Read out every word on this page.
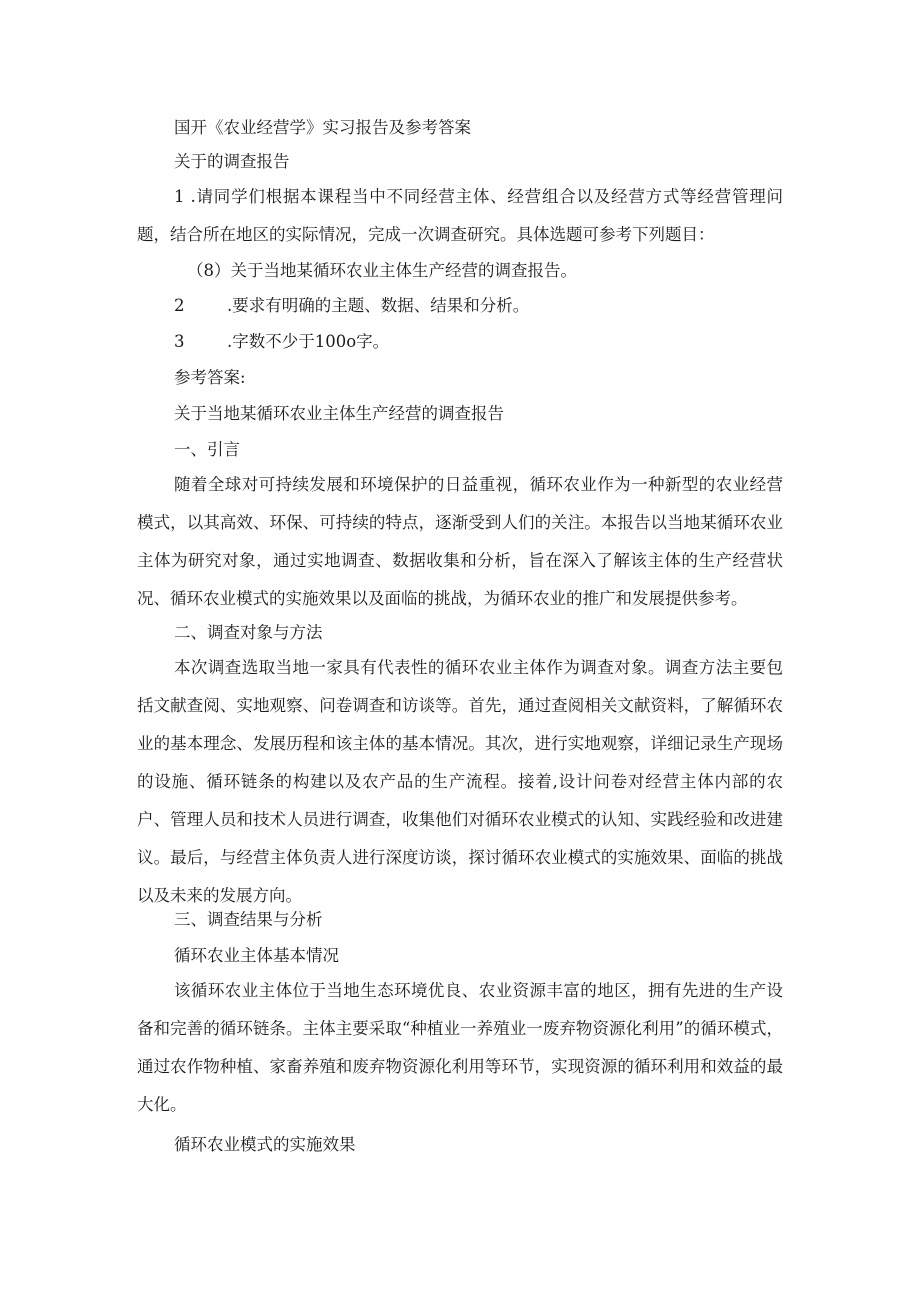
国开《农业经营学》实习报告及参考答案
关于的调查报告

1 .请同学们根据本课程当中不同经营主体、经营组合以及经营方式等经营管理问题，结合所在地区的实际情况，完成一次调查研究。具体选题可参考下列题目：

（8）关于当地某循环农业主体生产经营的调查报告。
2	.要求有明确的主题、数据、结果和分析。
3	.字数不少于100o字。
参考答案:
关于当地某循环农业主体生产经营的调查报告
一、引言

随着全球对可持续发展和环境保护的日益重视，循环农业作为一种新型的农业经营模式，以其高效、环保、可持续的特点，逐渐受到人们的关注。本报告以当地某循环农业主体为研究对象，通过实地调查、数据收集和分析，旨在深入了解该主体的生产经营状况、循环农业模式的实施效果以及面临的挑战，为循环农业的推广和发展提供参考。

二、调查对象与方法

本次调查选取当地一家具有代表性的循环农业主体作为调查对象。调查方法主要包括文献查阅、实地观察、问卷调查和访谈等。首先，通过查阅相关文献资料，了解循环农业的基本理念、发展历程和该主体的基本情况。其次，进行实地观察，详细记录生产现场的设施、循环链条的构建以及农产品的生产流程。接着,设计问卷对经营主体内部的农户、管理人员和技术人员进行调查，收集他们对循环农业模式的认知、实践经验和改进建议。最后，与经营主体负责人进行深度访谈，探讨循环农业模式的实施效果、面临的挑战以及未来的发展方向。

三、调查结果与分析
循环农业主体基本情况

该循环农业主体位于当地生态环境优良、农业资源丰富的地区，拥有先进的生产设备和完善的循环链条。主体主要采取“种植业一养殖业一废弃物资源化利用”的循环模式，通过农作物种植、家畜养殖和废弃物资源化利用等环节，实现资源的循环利用和效益的最大化。

循环农业模式的实施效果
